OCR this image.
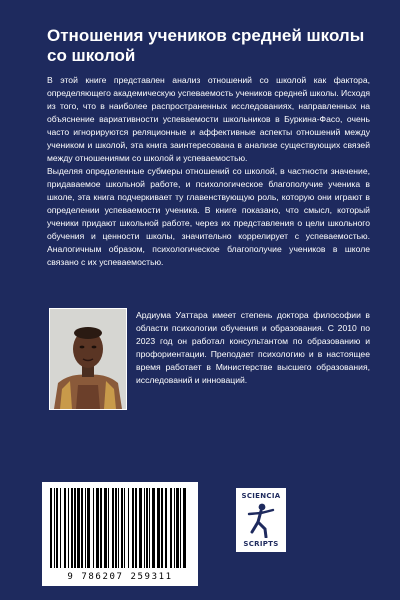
Отношения учеников средней школы со школой

В этой книге представлен анализ отношений со школой как фактора, определяющего академическую успеваемость учеников средней школы. Исходя из того, что в наиболее распространенных исследованиях, направленных на объяснение вариативности успеваемости школьников в Буркина-Фасо, очень часто игнорируются реляционные и аффективные аспекты отношений между учеником и школой, эта книга заинтересована в анализе существующих связей между отношениями со школой и успеваемостью.

Выделяя определенные субмеры отношений со школой, в частности значение, придаваемое школьной работе, и психологическое благополучие ученика в школе, эта книга подчеркивает ту главенствующую роль, которую они играют в определении успеваемости ученика. В книге показано, что смысл, который ученики придают школьной работе, через их представления о цели школьного обучения и ценности школы, значительно коррелирует с успеваемостью. Аналогичным образом, психологическое благополучие учеников в школе связано с их успеваемостью.

Ардиума Уаттара имеет степень доктора философии в области психологии обучения и образования. С 2010 по 2023 год он работал консультантом по образованию и профориентации. Преподает психологию и в настоящее время работает в Министерстве высшего образования, исследований и инноваций.

9 786207 259311
SCIENCIA
SCRIPTS
